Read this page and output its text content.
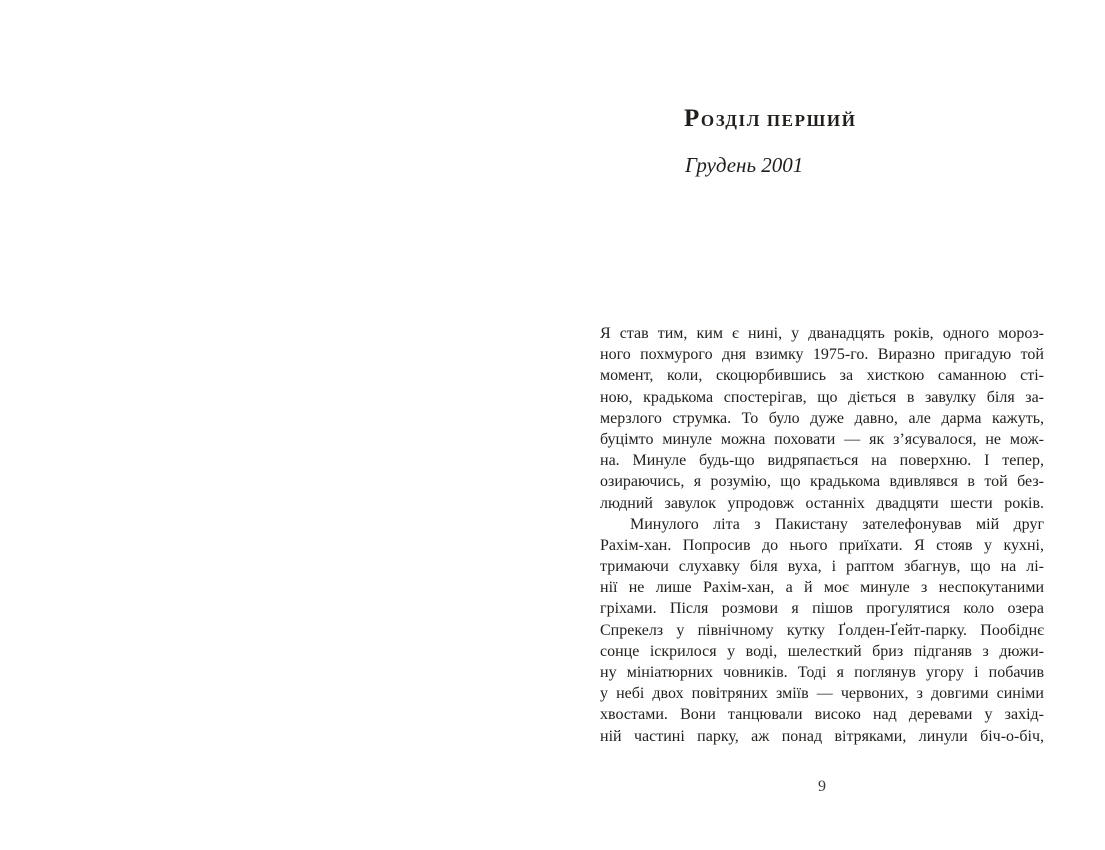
РОЗДІЛ ПЕРШИЙ

Грудень 2001

Я став тим, ким є нині, у дванадцять років, одного мороз-
ного похмурого дня взимку 1975-го. Виразно пригадую той
момент, коли, скоцюрбившись за хисткою саманною сті-
ною, крадькома спостерігав, що діється в завулку біля за-
мерзлого струмка. То було дуже давно, але дарма кажуть,
буцімто минуле можна поховати — як з’ясувалося, не мож-
на. Минуле будь-що видряпається на поверхню. І тепер,
озираючись, я розумію, що крадькома вдивлявся в той без-
людний завулок упродовж останніх двадцяти шести років.
Минулого літа з Пакистану зателефонував мій друг
Рахім-хан. Попросив до нього приїхати. Я стояв у кухні,
тримаючи слухавку біля вуха, і раптом збагнув, що на лі-
нії не лише Рахім-хан, а й моє минуле з неспокутаними
гріхами. Після розмови я пішов прогулятися коло озера
Спрекелз у північному кутку Ґолден-Ґейт-парку. Пообіднє
сонце іскрилося у воді, шелесткий бриз підганяв з дюжи-
ну мініатюрних човників. Тоді я поглянув угору і побачив
у небі двох повітряних зміїв — червоних, з довгими синіми
хвостами. Вони танцювали високо над деревами у захід-
ній частині парку, аж понад вітряками, линули біч-о-біч,
9
